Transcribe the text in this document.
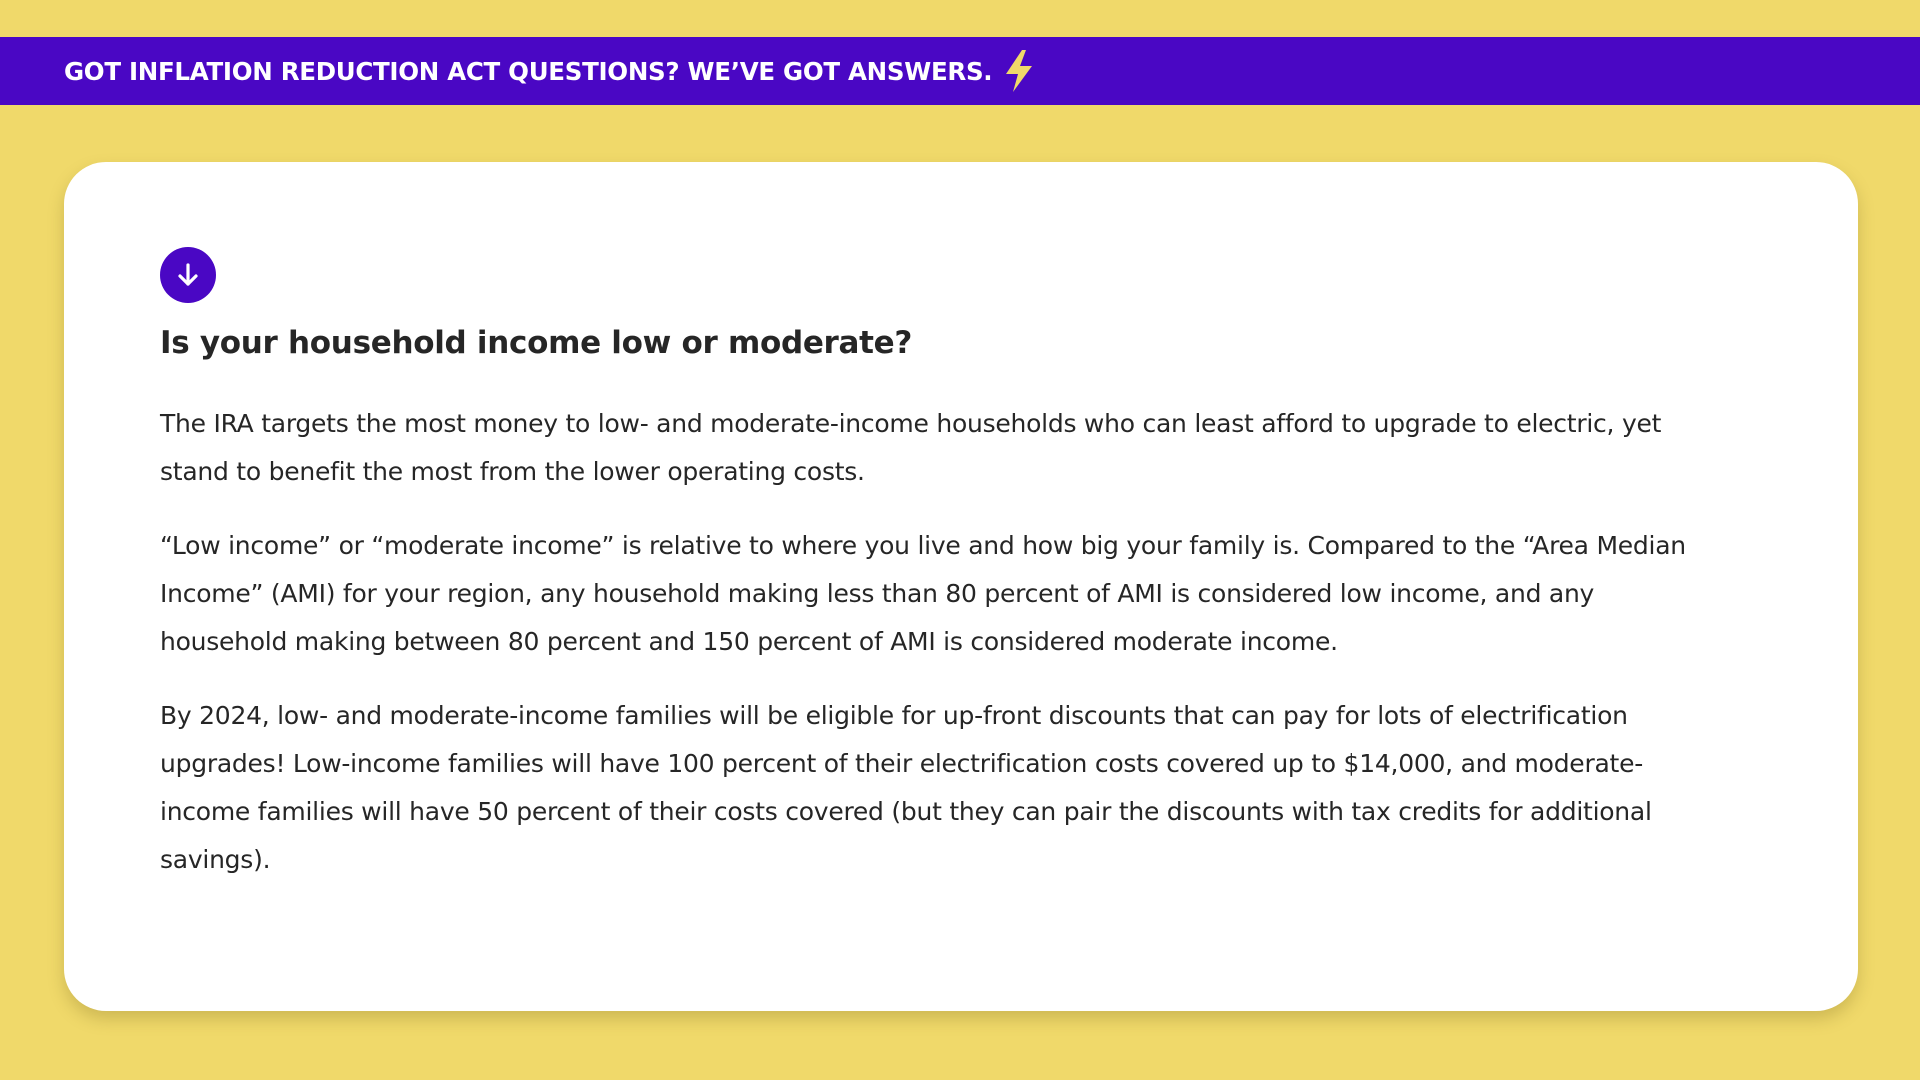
GOT INFLATION REDUCTION ACT QUESTIONS? WE’VE GOT ANSWERS.
Is your household income low or moderate?

The IRA targets the most money to low- and moderate-income households who can least afford to upgrade to electric, yet stand to benefit the most from the lower operating costs.

“Low income” or “moderate income” is relative to where you live and how big your family is. Compared to the “Area Median Income” (AMI) for your region, any household making less than 80 percent of AMI is considered low income, and any household making between 80 percent and 150 percent of AMI is considered moderate income.

By 2024, low- and moderate-income families will be eligible for up-front discounts that can pay for lots of electrification upgrades! Low-income families will have 100 percent of their electrification costs covered up to $14,000, and moderate-income families will have 50 percent of their costs covered (but they can pair the discounts with tax credits for additional savings).
